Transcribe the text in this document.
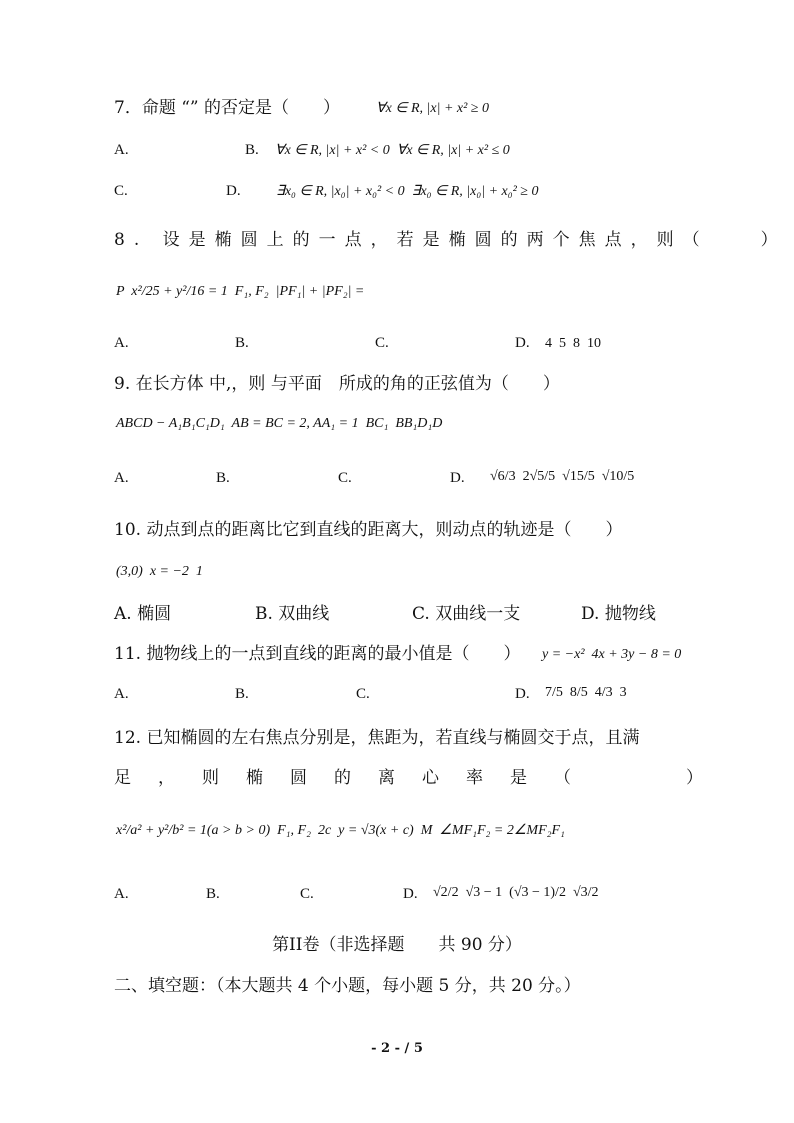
7．命题 “” 的否定是（　　）	∀x ∈ R, |x| + x² ≥ 0
A.	B. ∀x ∈ R, |x| + x² < 0  ∀x ∈ R, |x| + x² ≤ 0
C.	D.	∃x₀ ∈ R, |x₀| + x₀² < 0  ∃x₀ ∈ R, |x₀| + x₀² ≥ 0
8. 设是椭圆上的一点，若是椭圆的两个焦点，则（　　）
P  x²/25 + y²/16 = 1  F₁, F₂  |PF₁| + |PF₂| =
A.	B.	C.	D. 4  5  8  10
9. 在长方体 中,，则 与平面　所成的角的正弦值为（　　）
ABCD − A₁B₁C₁D₁  AB = BC = 2, AA₁ = 1  BC₁  BB₁D₁D
A.	B.	C.	D. √6/3  2√5/5  √15/5  √10/5
10. 动点到点的距离比它到直线的距离大，则动点的轨迹是（　　）
(3,0)  x = −2  1
A. 椭圆	B. 双曲线	C. 双曲线一支	D. 抛物线
11. 抛物线上的一点到直线的距离的最小值是（　　） y = −x²  4x + 3y − 8 = 0
A.	B.	C.	D. 7/5  8/5  4/3  3
12. 已知椭圆的左右焦点分别是，焦距为，若直线与椭圆交于点，且满
足，则椭圆的离心率是（　　）
x²/a² + y²/b² = 1(a > b > 0)  F₁, F₂  2c  y = √3(x + c)  M  ∠MF₁F₂ = 2∠MF₂F₁
A.	B.	C.	D. √2/2  √3 − 1  (√3 − 1)/2  √3/2
第II卷（非选择题　　共 90 分）
二、填空题：（本大题共 4 个小题，每小题 5 分，共 20 分。）
- 2 - / 5
